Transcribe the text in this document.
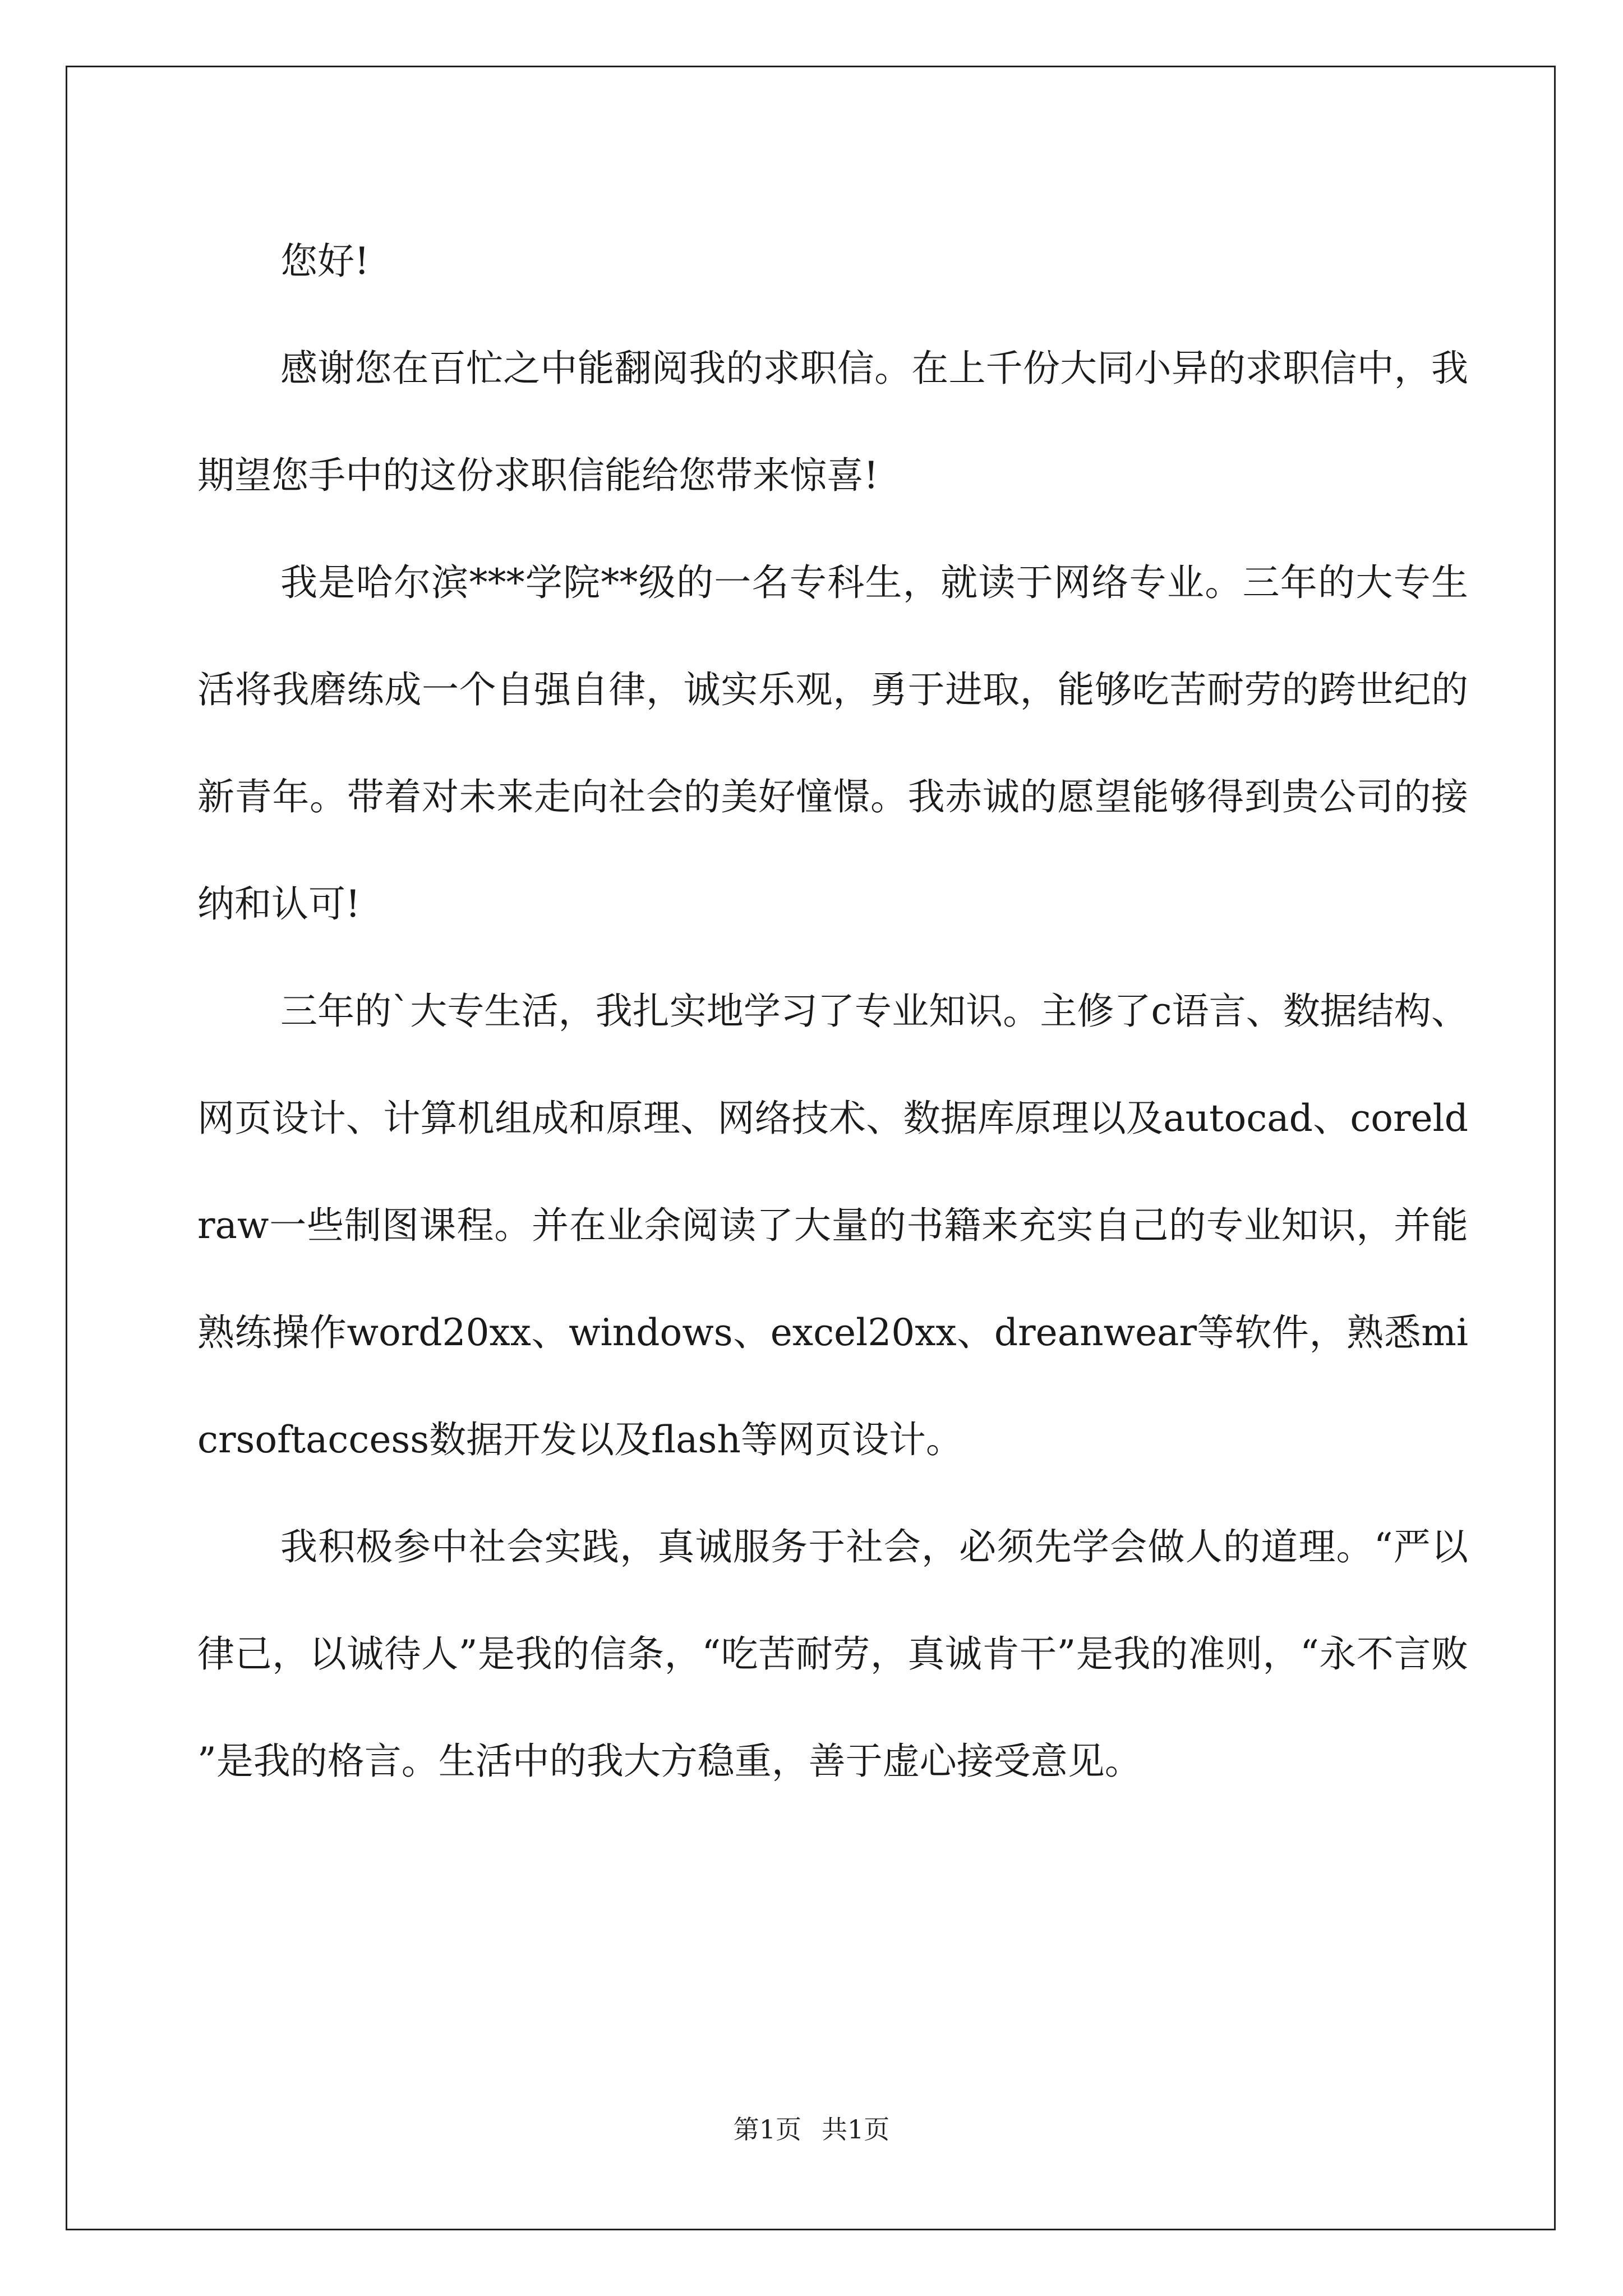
您好!

感谢您在百忙之中能翻阅我的求职信。在上千份大同小异的求职信中，我期望您手中的这份求职信能给您带来惊喜!

我是哈尔滨***学院**级的一名专科生，就读于网络专业。三年的大专生活将我磨练成一个自强自律，诚实乐观，勇于进取，能够吃苦耐劳的跨世纪的新青年。带着对未来走向社会的美好憧憬。我赤诚的愿望能够得到贵公司的接纳和认可!

三年的`大专生活，我扎实地学习了专业知识。主修了c语言、数据结构、网页设计、计算机组成和原理、网络技术、数据库原理以及autocad、coreldraw一些制图课程。并在业余阅读了大量的书籍来充实自己的专业知识，并能熟练操作word20xx、windows、excel20xx、dreanwear等软件，熟悉micrsoftaccess数据开发以及flash等网页设计。

我积极参中社会实践，真诚服务于社会，必须先学会做人的道理。“严以律己，以诚待人”是我的信条，“吃苦耐劳，真诚肯干”是我的准则，“永不言败”是我的格言。生活中的我大方稳重，善于虚心接受意见。

第1页 共1页
